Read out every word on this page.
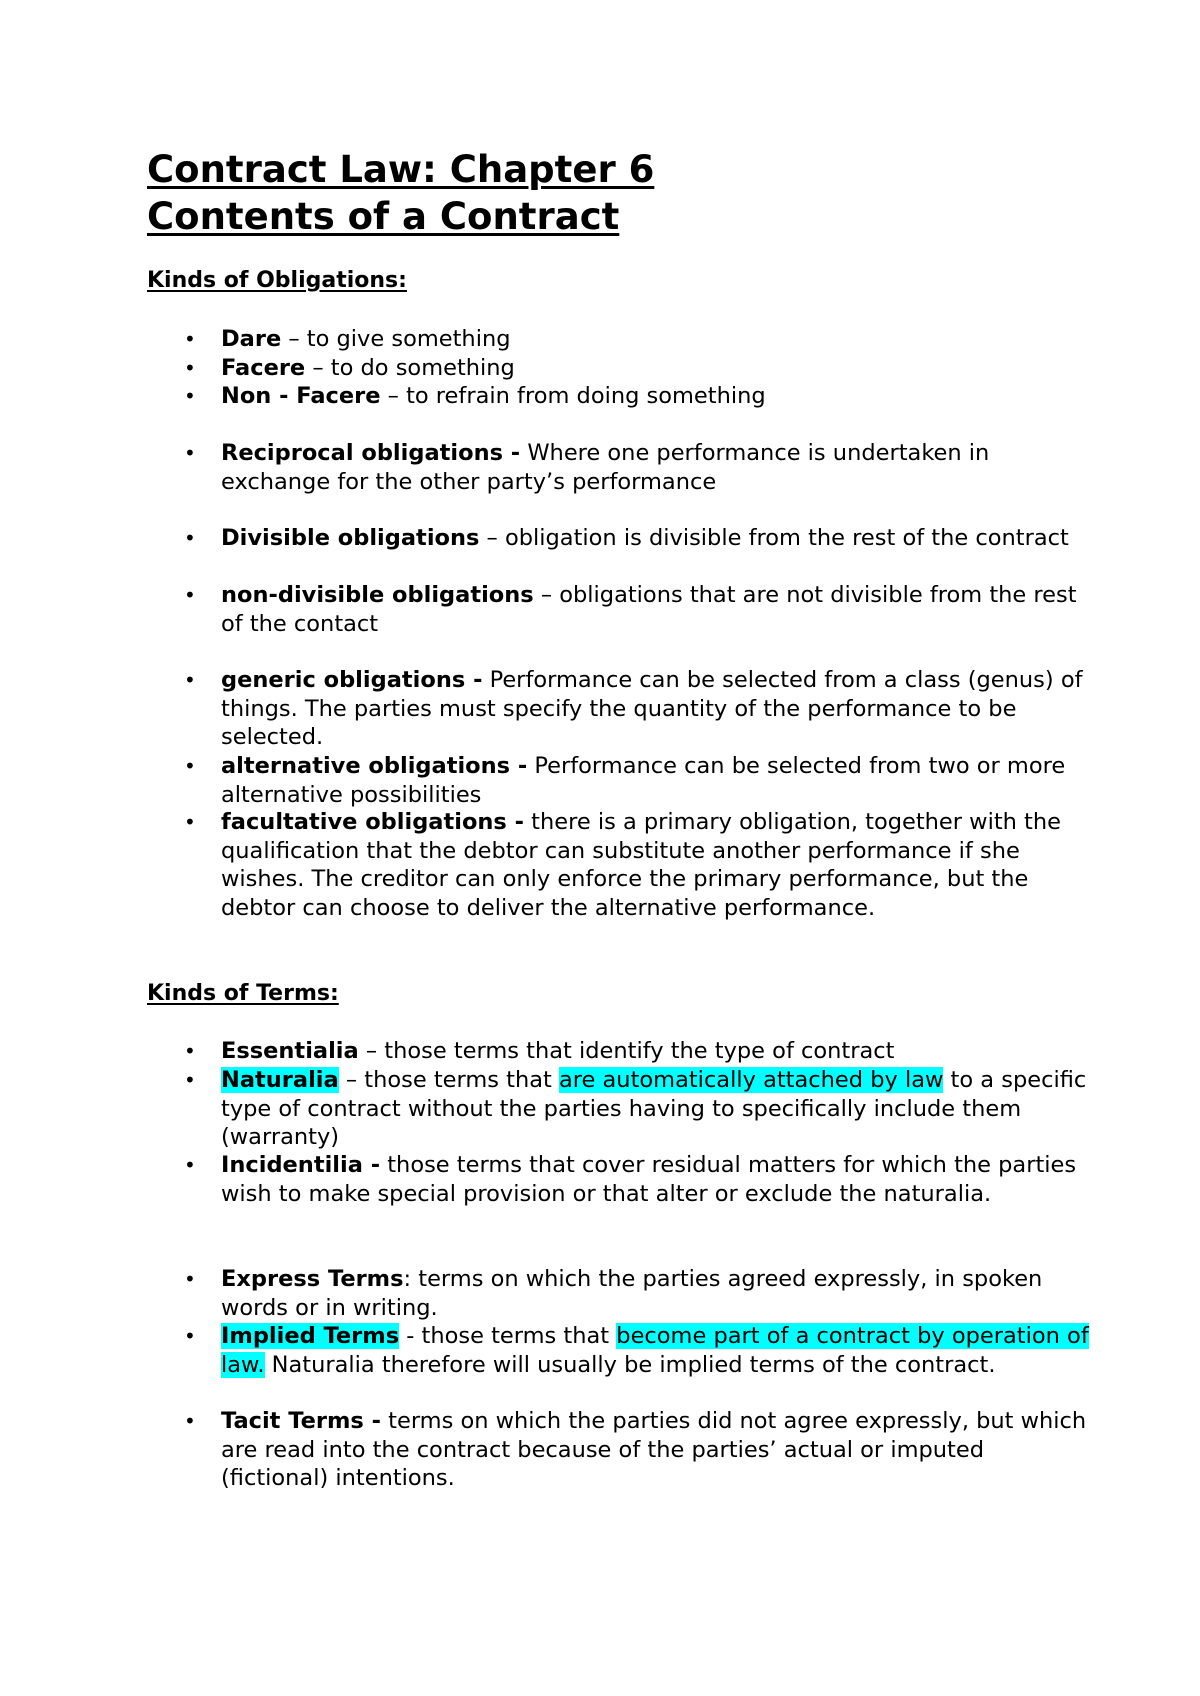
Contract Law: Chapter 6
Contents of a Contract
Kinds of Obligations:
• Dare – to give something
• Facere – to do something
• Non - Facere – to refrain from doing something
• Reciprocal obligations - Where one performance is undertaken in exchange for the other party’s performance
• Divisible obligations – obligation is divisible from the rest of the contract
• non-divisible obligations – obligations that are not divisible from the rest of the contact
• generic obligations - Performance can be selected from a class (genus) of things. The parties must specify the quantity of the performance to be selected.
• alternative obligations - Performance can be selected from two or more alternative possibilities
• facultative obligations - there is a primary obligation, together with the qualification that the debtor can substitute another performance if she wishes. The creditor can only enforce the primary performance, but the debtor can choose to deliver the alternative performance.
Kinds of Terms:
• Essentialia – those terms that identify the type of contract
• Naturalia – those terms that are automatically attached by law to a specific type of contract without the parties having to specifically include them (warranty)
• Incidentilia - those terms that cover residual matters for which the parties wish to make special provision or that alter or exclude the naturalia.
• Express Terms: terms on which the parties agreed expressly, in spoken words or in writing.
• Implied Terms - those terms that become part of a contract by operation of law. Naturalia therefore will usually be implied terms of the contract.
• Tacit Terms - terms on which the parties did not agree expressly, but which are read into the contract because of the parties’ actual or imputed (fictional) intentions.
